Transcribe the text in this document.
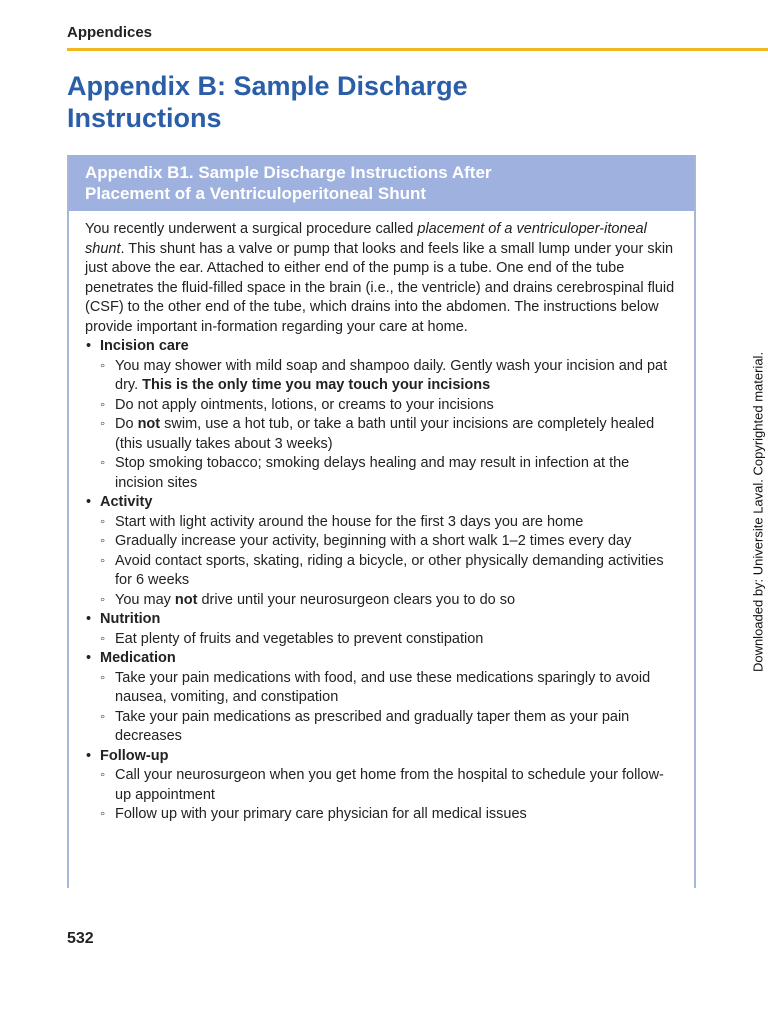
Appendices
Appendix B: Sample Discharge
Instructions
Appendix B1. Sample Discharge Instructions After
Placement of a Ventriculoperitoneal Shunt

You recently underwent a surgical procedure called placement of a ventriculoper-itoneal shunt. This shunt has a valve or pump that looks and feels like a small lump under your skin just above the ear. Attached to either end of the pump is a tube. One end of the tube penetrates the fluid-filled space in the brain (i.e., the ventricle) and drains cerebrospinal fluid (CSF) to the other end of the tube, which drains into the abdomen. The instructions below provide important in-formation regarding your care at home.

• Incision care
◦ You may shower with mild soap and shampoo daily. Gently wash your incision and pat dry. This is the only time you may touch your incisions
◦ Do not apply ointments, lotions, or creams to your incisions
◦ Do not swim, use a hot tub, or take a bath until your incisions are completely healed (this usually takes about 3 weeks)
◦ Stop smoking tobacco; smoking delays healing and may result in infection at the incision sites
• Activity
◦ Start with light activity around the house for the first 3 days you are home
◦ Gradually increase your activity, beginning with a short walk 1–2 times every day
◦ Avoid contact sports, skating, riding a bicycle, or other physically demanding activities for 6 weeks
◦ You may not drive until your neurosurgeon clears you to do so
• Nutrition
◦ Eat plenty of fruits and vegetables to prevent constipation
• Medication
◦ Take your pain medications with food, and use these medications sparingly to avoid nausea, vomiting, and constipation
◦ Take your pain medications as prescribed and gradually taper them as your pain decreases
• Follow-up
◦ Call your neurosurgeon when you get home from the hospital to schedule your follow-up appointment
◦ Follow up with your primary care physician for all medical issues
532
Downloaded by: Universite Laval. Copyrighted material.
